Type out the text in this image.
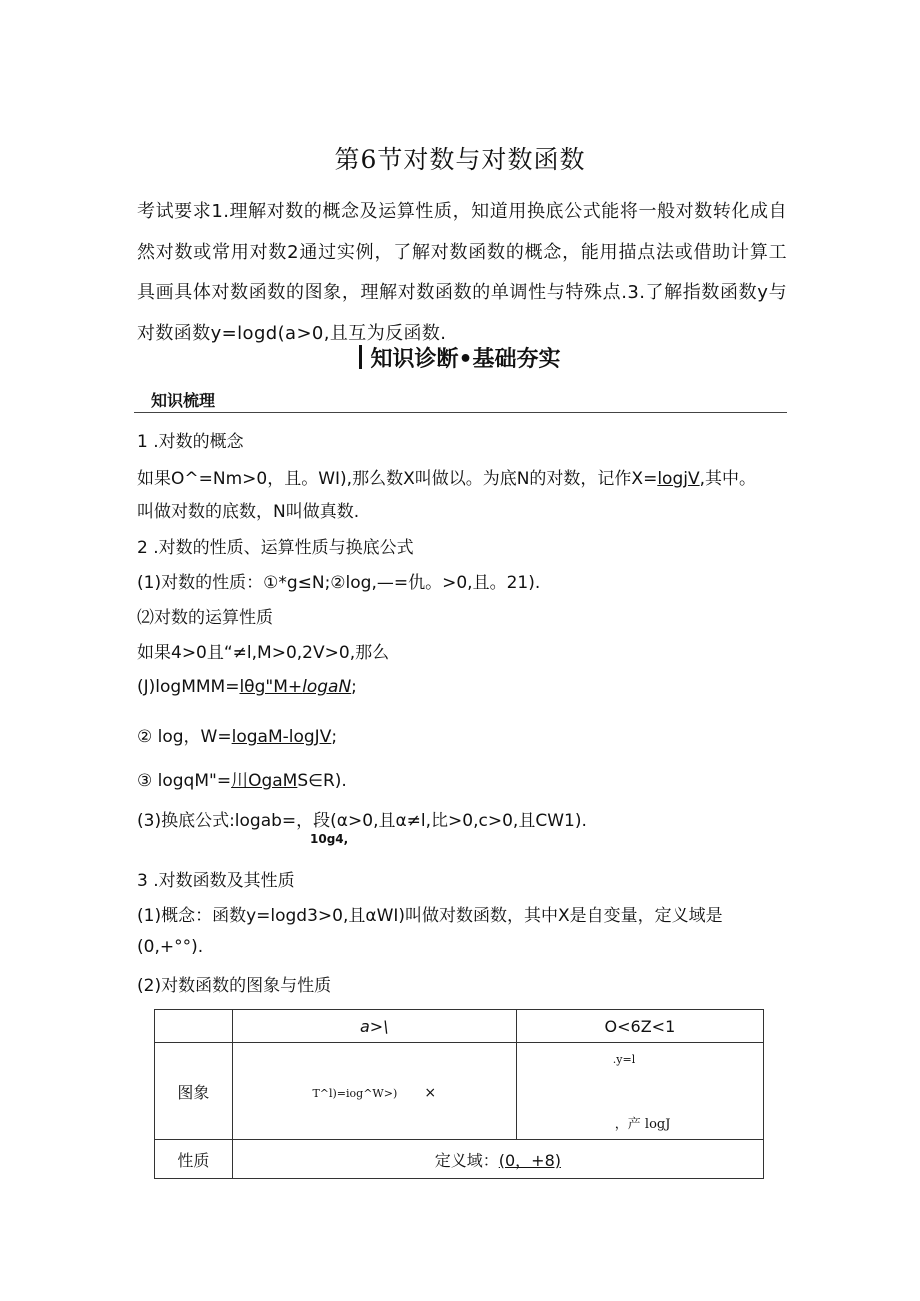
第6节对数与对数函数
考试要求1.理解对数的概念及运算性质，知道用换底公式能将一般对数转化成自然对数或常用对数2通过实例，了解对数函数的概念，能用描点法或借助计算工具画具体对数函数的图象，理解对数函数的单调性与特殊点.3.了解指数函数y与对数函数y=logd(a>0,且互为反函数.
知识诊断•基础夯实
知识梳理
1 .对数的概念
如果O^=Nm>0，且。WI),那么数X叫做以。为底N的对数，记作X=logjV,其中。
叫做对数的底数，N叫做真数.
2 .对数的性质、运算性质与换底公式
(1)对数的性质：①*g≤N;②log,—=仇。>0,且。21).
⑵对数的运算性质
如果4>0且“≠l,M>0,2V>0,那么
(J)logMMM=lθg"M+logaN;
② log，W=logaM-logJV;
③ logqM"=川OgaMS∈R).
(3)换底公式:logab=，段(α>0,且α≠l,比>0,c>0,且CW1).
10g4,
3 .对数函数及其性质
(1)概念：函数y=logd3>0,且αWI)叫做对数函数，其中X是自变量，定义域是
(0,+°°).
(2)对数函数的图象与性质
	a>\	O<6Z<1
图象	T^l)=iog^W>) ×	.y=l
，产 logJ

性质	定义域：(0，+8)	
